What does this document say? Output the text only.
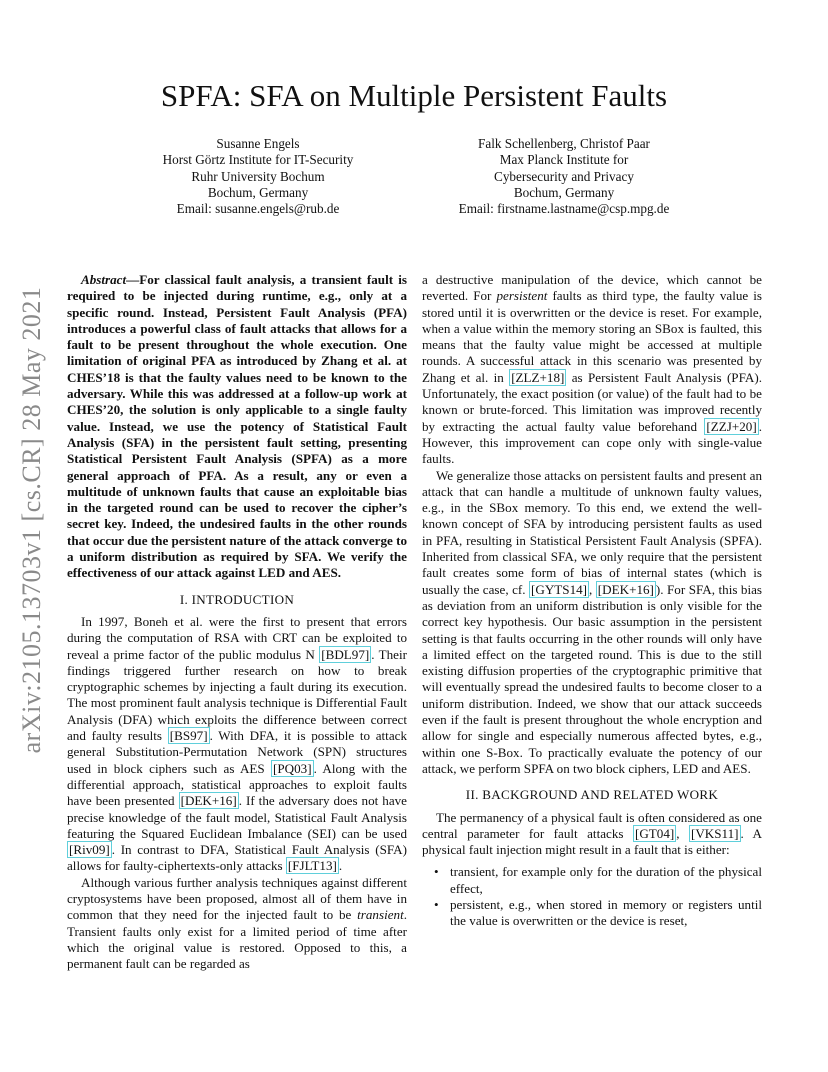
arXiv:2105.13703v1 [cs.CR] 28 May 2021
SPFA: SFA on Multiple Persistent Faults
Susanne Engels
Horst Görtz Institute for IT-Security
Ruhr University Bochum
Bochum, Germany
Email: susanne.engels@rub.de
Falk Schellenberg, Christof Paar
Max Planck Institute for
Cybersecurity and Privacy
Bochum, Germany
Email: firstname.lastname@csp.mpg.de

Abstract—For classical fault analysis, a transient fault is required to be injected during runtime, e.g., only at a specific round. Instead, Persistent Fault Analysis (PFA) introduces a powerful class of fault attacks that allows for a fault to be present throughout the whole execution. One limitation of original PFA as introduced by Zhang et al. at CHES’18 is that the faulty values need to be known to the adversary. While this was addressed at a follow-up work at CHES’20, the solution is only applicable to a single faulty value. Instead, we use the potency of Statistical Fault Analysis (SFA) in the persistent fault setting, presenting Statistical Persistent Fault Analysis (SPFA) as a more general approach of PFA. As a result, any or even a multitude of unknown faults that cause an exploitable bias in the targeted round can be used to recover the cipher’s secret key. Indeed, the undesired faults in the other rounds that occur due the persistent nature of the attack converge to a uniform distribution as required by SFA. We verify the effectiveness of our attack against LED and AES.

I. INTRODUCTION

In 1997, Boneh et al. were the first to present that errors during the computation of RSA with CRT can be exploited to reveal a prime factor of the public modulus N [BDL97] . Their findings triggered further research on how to break cryptographic schemes by injecting a fault during its execution. The most prominent fault analysis technique is Differential Fault Analysis (DFA) which exploits the difference between correct and faulty results [BS97] . With DFA, it is possible to attack general Substitution-Permutation Network (SPN) structures used in block ciphers such as AES [PQ03] . Along with the differential approach, statistical approaches to exploit faults have been presented [DEK+16] . If the adversary does not have precise knowledge of the fault model, Statistical Fault Analysis featuring the Squared Euclidean Imbalance (SEI) can be used [Riv09] . In contrast to DFA, Statistical Fault Analysis (SFA) allows for faulty-ciphertexts-only attacks [FJLT13] .

Although various further analysis techniques against different cryptosystems have been proposed, almost all of them have in common that they need for the injected fault to be transient. Transient faults only exist for a limited period of time after which the original value is restored. Opposed to this, a permanent fault can be regarded as

a destructive manipulation of the device, which cannot be reverted. For persistent faults as third type, the faulty value is stored until it is overwritten or the device is reset. For example, when a value within the memory storing an SBox is faulted, this means that the faulty value might be accessed at multiple rounds. A successful attack in this scenario was presented by Zhang et al. in [ZLZ+18] as Persistent Fault Analysis (PFA). Unfortunately, the exact position (or value) of the fault had to be known or brute-forced. This limitation was improved recently by extracting the actual faulty value beforehand [ZZJ+20] . However, this improvement can cope only with single-value faults.

We generalize those attacks on persistent faults and present an attack that can handle a multitude of unknown faulty values, e.g., in the SBox memory. To this end, we extend the well-known concept of SFA by introducing persistent faults as used in PFA, resulting in Statistical Persistent Fault Analysis (SPFA). Inherited from classical SFA, we only require that the persistent fault creates some form of bias of internal states (which is usually the case, cf. [GYTS14] , [DEK+16] ). For SFA, this bias as deviation from an uniform distribution is only visible for the correct key hypothesis. Our basic assumption in the persistent setting is that faults occurring in the other rounds will only have a limited effect on the targeted round. This is due to the still existing diffusion properties of the cryptographic primitive that will eventually spread the undesired faults to become closer to a uniform distribution. Indeed, we show that our attack succeeds even if the fault is present throughout the whole encryption and allow for single and especially numerous affected bytes, e.g., within one S-Box. To practically evaluate the potency of our attack, we perform SPFA on two block ciphers, LED and AES.

II. BACKGROUND AND RELATED WORK

The permanency of a physical fault is often considered as one central parameter for fault attacks [GT04] , [VKS11] . A physical fault injection might result in a fault that is either:

• transient, for example only for the duration of the physical effect,
• persistent, e.g., when stored in memory or registers until the value is overwritten or the device is reset,
